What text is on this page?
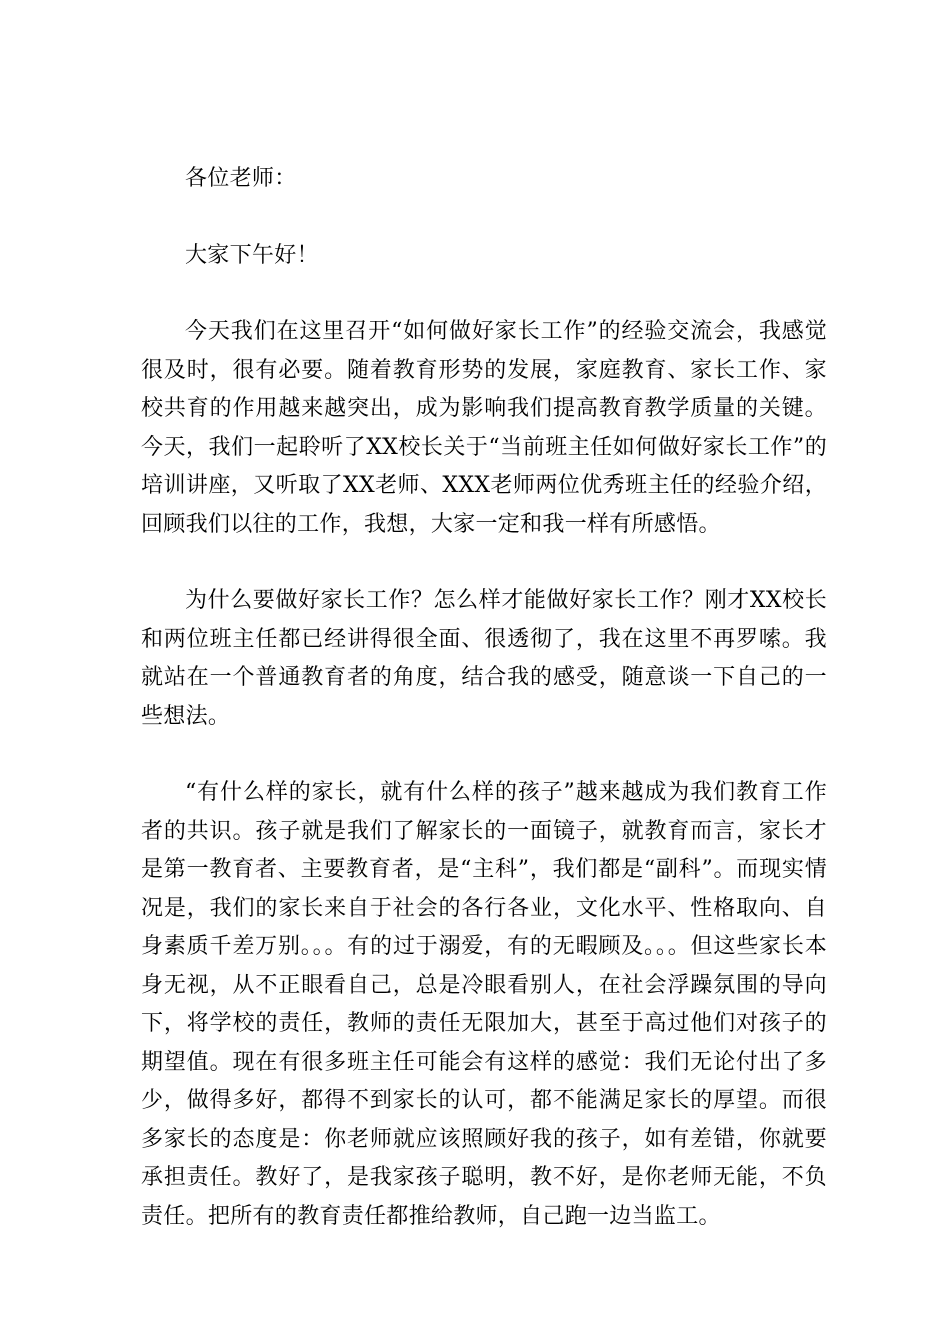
各位老师：

大家下午好！

今天我们在这里召开“如何做好家长工作”的经验交流会，我感觉很及时，很有必要。随着教育形势的发展，家庭教育、家长工作、家校共育的作用越来越突出，成为影响我们提高教育教学质量的关键。今天，我们一起聆听了XX校长关于“当前班主任如何做好家长工作”的培训讲座，又听取了XX老师、XXX老师两位优秀班主任的经验介绍，回顾我们以往的工作，我想，大家一定和我一样有所感悟。

为什么要做好家长工作？怎么样才能做好家长工作？刚才XX校长和两位班主任都已经讲得很全面、很透彻了，我在这里不再罗嗦。我就站在一个普通教育者的角度，结合我的感受，随意谈一下自己的一些想法。

“有什么样的家长，就有什么样的孩子”越来越成为我们教育工作者的共识。孩子就是我们了解家长的一面镜子，就教育而言，家长才是第一教育者、主要教育者，是“主科”，我们都是“副科”。而现实情况是，我们的家长来自于社会的各行各业，文化水平、性格取向、自身素质千差万别。。。有的过于溺爱，有的无暇顾及。。。但这些家长本身无视，从不正眼看自己，总是冷眼看别人，在社会浮躁氛围的导向下，将学校的责任，教师的责任无限加大，甚至于高过他们对孩子的期望值。现在有很多班主任可能会有这样的感觉：我们无论付出了多少，做得多好，都得不到家长的认可，都不能满足家长的厚望。而很多家长的态度是：你老师就应该照顾好我的孩子，如有差错，你就要承担责任。教好了，是我家孩子聪明，教不好，是你老师无能，不负责任。把所有的教育责任都推给教师，自己跑一边当监工。
